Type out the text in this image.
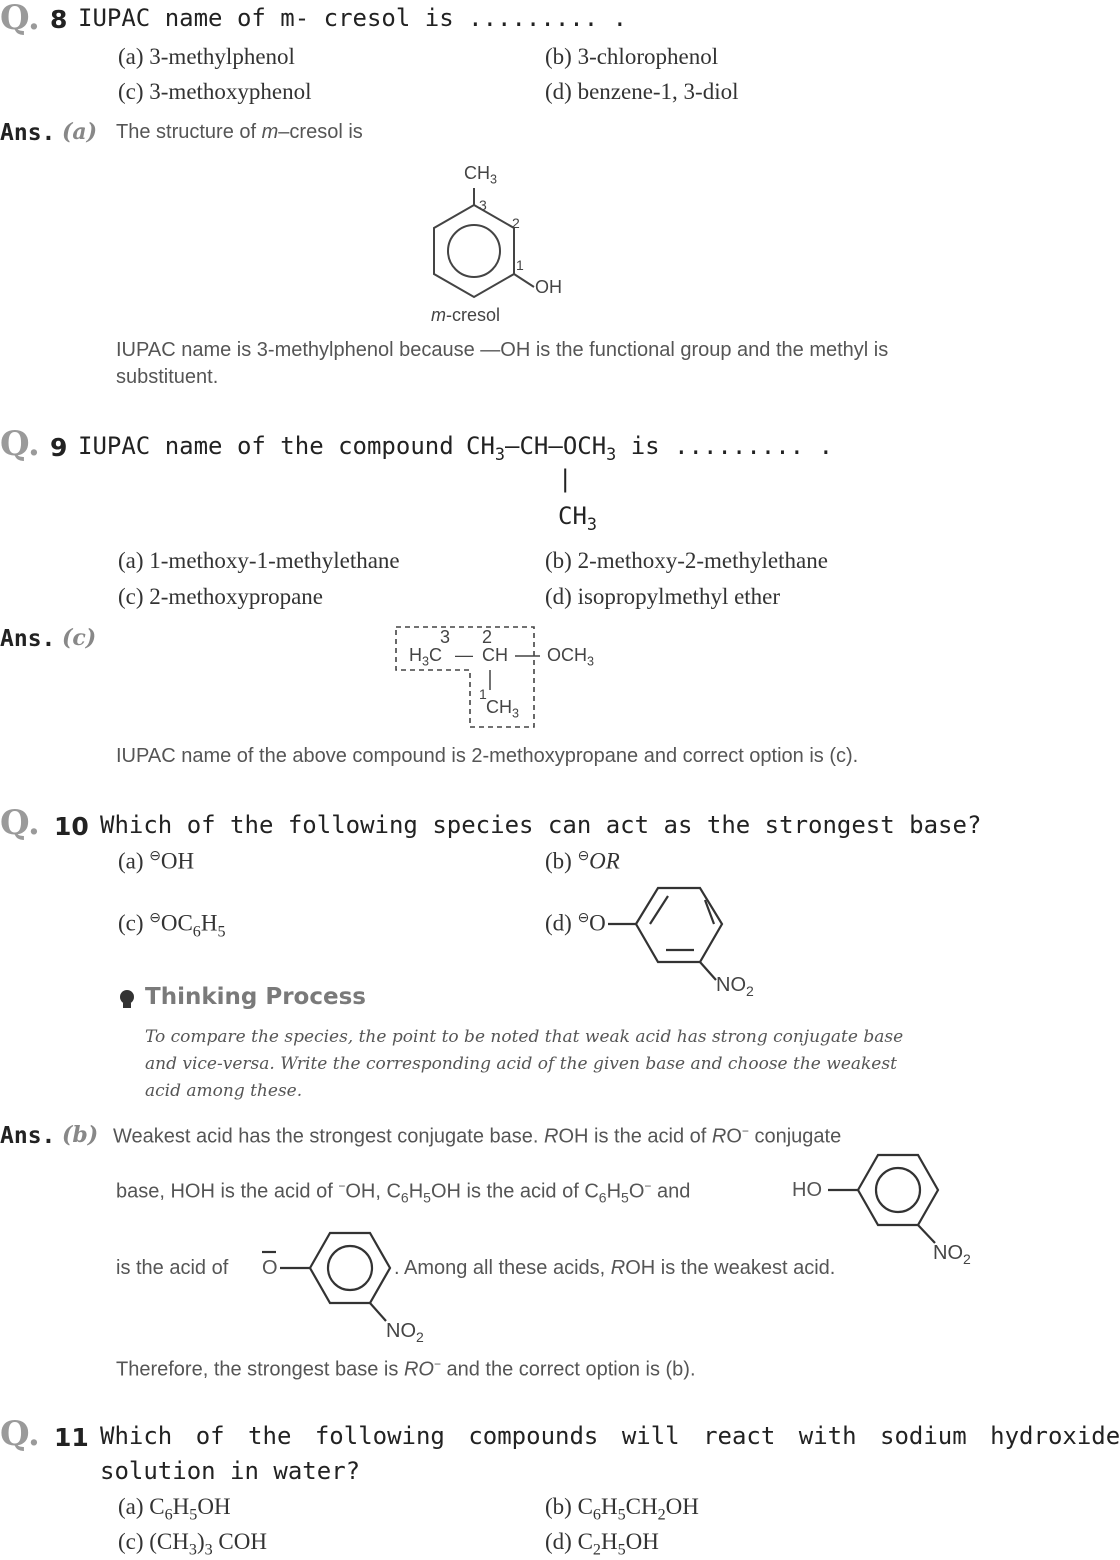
Q. 8 IUPAC name of m- cresol is ......... .
(a) 3-methylphenol	(b) 3-chlorophenol
(c) 3-methoxyphenol	(d) benzene-1, 3-diol
Ans. (a) The structure of m–cresol is
$CH_3$
3
2
1
OH
m-cresol
IUPAC name is 3-methylphenol because —OH is the functional group and the methyl is
substituent.
Q. 9 IUPAC name of the compound $CH_3—CH—OCH_3$ is ......... .
|
$CH_3$
(a) 1-methoxy-1-methylethane	(b) 2-methoxy-2-methylethane
(c) 2-methoxypropane	(d) isopropylmethyl ether
Ans. (c)	3 2
$H_3C$ — CH $OCH_3$
1
$CH_3$
IUPAC name of the above compound is 2-methoxypropane and correct option is (c).
Q. 10 Which of the following species can act as the strongest base?
(a) ⊖OH	(b) ⊖OR
(c) $^⊖OC_6H_5$	(d) ⊖O
$NO_2$
Thinking Process
To compare the species, the point to be noted that weak acid has strong conjugate base
and vice-versa. Write the corresponding acid of the given base and choose the weakest
acid among these.
Ans. (b) Weakest acid has the strongest conjugate base. ROH is the acid of RO− conjugate
base, HOH is the acid of −OH, $C_6H_5OH$ is the acid of $C_6H_5O^-$ and	HO
$NO_2$
is the acid of O	. Among all these acids, ROH is the weakest acid.
$NO_2$
Therefore, the strongest base is RO− and the correct option is (b).
Q. 11 Which of the following compounds will react with sodium hydroxide
solution in water?
(a) $C_6H_5OH$	(b) $C_6H_5CH_2OH$
(c) $(CH_3)_3$ COH	(d) $C_2H_5OH$
